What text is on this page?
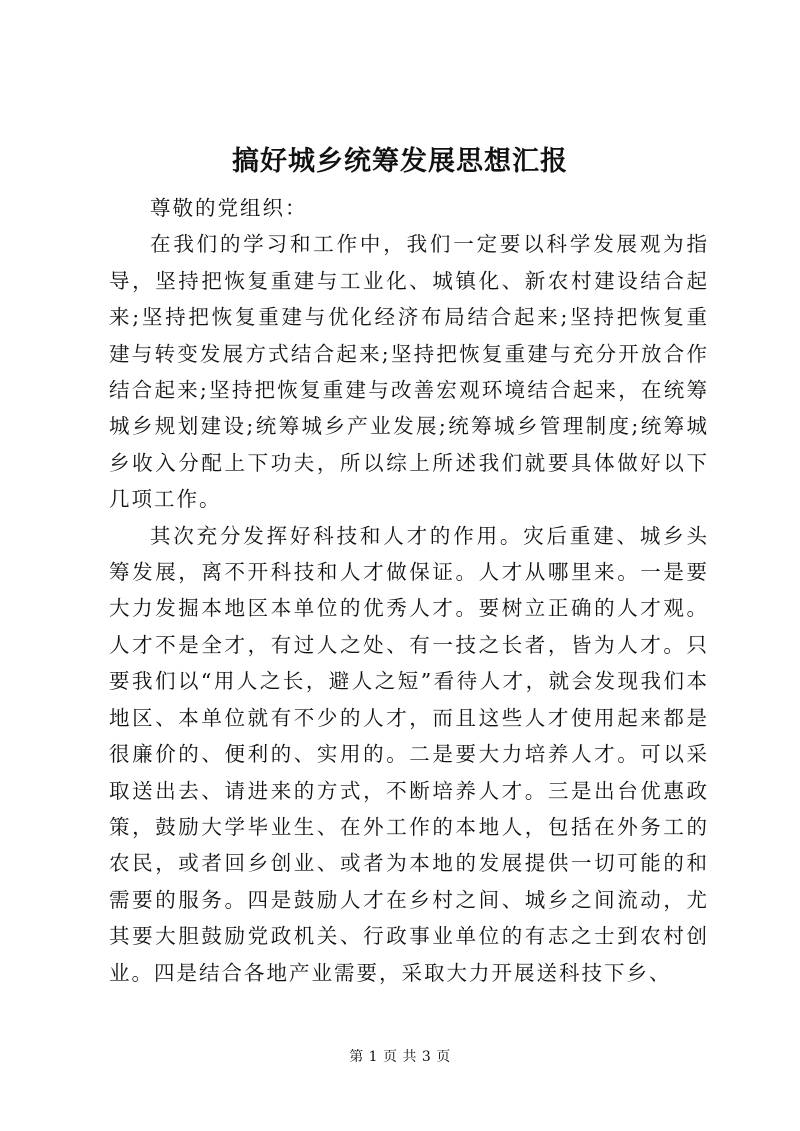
搞好城乡统筹发展思想汇报

尊敬的党组织：

在我们的学习和工作中，我们一定要以科学发展观为指导，坚持把恢复重建与工业化、城镇化、新农村建设结合起来;坚持把恢复重建与优化经济布局结合起来;坚持把恢复重建与转变发展方式结合起来;坚持把恢复重建与充分开放合作结合起来;坚持把恢复重建与改善宏观环境结合起来，在统筹城乡规划建设;统筹城乡产业发展;统筹城乡管理制度;统筹城乡收入分配上下功夫，所以综上所述我们就要具体做好以下几项工作。

其次充分发挥好科技和人才的作用。灾后重建、城乡头筹发展，离不开科技和人才做保证。人才从哪里来。一是要大力发掘本地区本单位的优秀人才。要树立正确的人才观。人才不是全才，有过人之处、有一技之长者，皆为人才。只要我们以“用人之长，避人之短”看待人才，就会发现我们本地区、本单位就有不少的人才，而且这些人才使用起来都是很廉价的、便利的、实用的。二是要大力培养人才。可以采取送出去、请进来的方式，不断培养人才。三是出台优惠政策，鼓励大学毕业生、在外工作的本地人，包括在外务工的农民，或者回乡创业、或者为本地的发展提供一切可能的和需要的服务。四是鼓励人才在乡村之间、城乡之间流动，尤其要大胆鼓励党政机关、行政事业单位的有志之士到农村创业。四是结合各地产业需要，采取大力开展送科技下乡、

第 1 页 共 3 页
